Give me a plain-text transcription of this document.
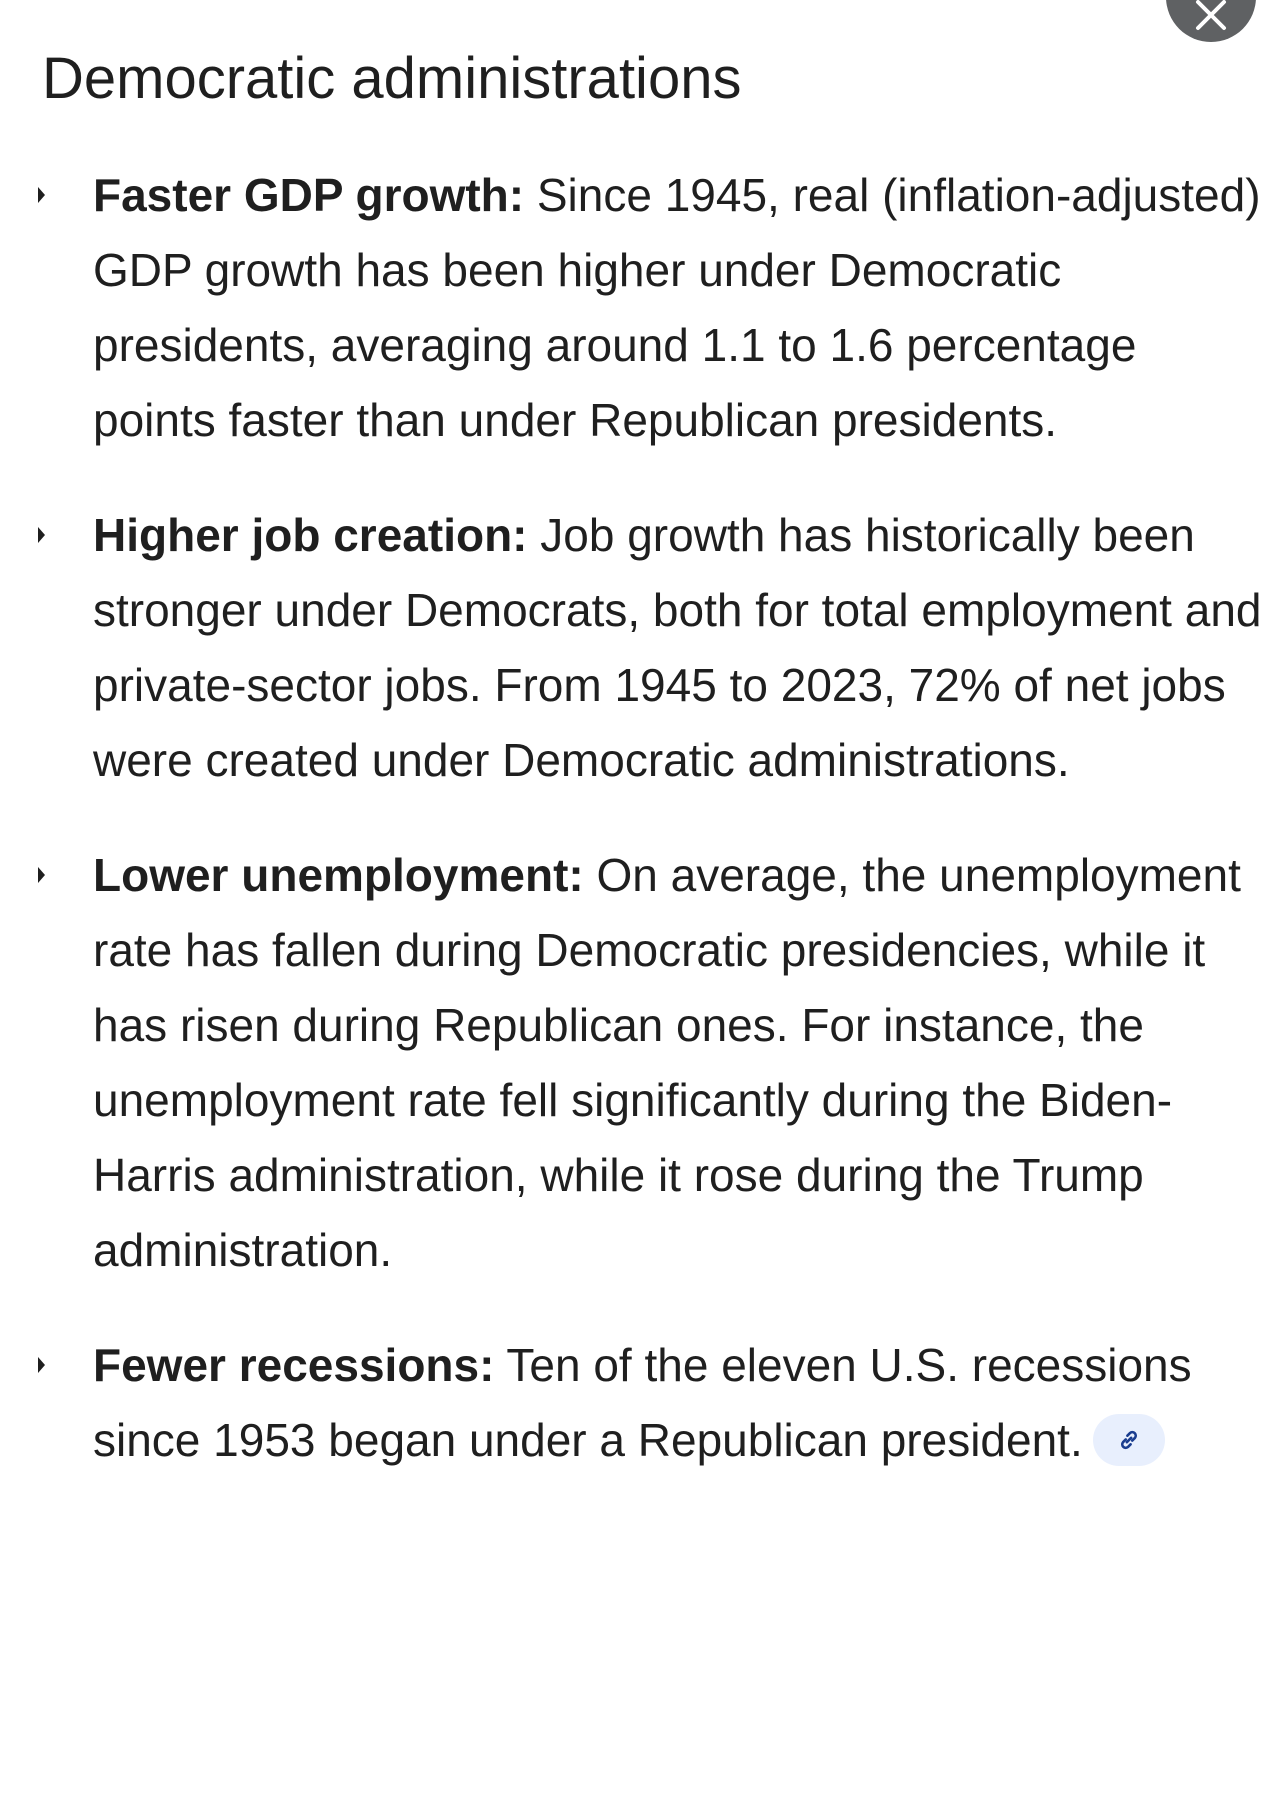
Democratic administrations
Faster GDP growth: Since 1945, real (inflation-adjusted) GDP growth has been higher under Democratic presidents, averaging around 1.1 to 1.6 percentage points faster than under Republican presidents.
Higher job creation: Job growth has historically been stronger under Democrats, both for total employment and private-sector jobs. From 1945 to 2023, 72% of net jobs were created under Democratic administrations.
Lower unemployment: On average, the unemployment rate has fallen during Democratic presidencies, while it has risen during Republican ones. For instance, the unemployment rate fell significantly during the Biden-Harris administration, while it rose during the Trump administration.
Fewer recessions: Ten of the eleven U.S. recessions since 1953 began under a Republican president.
